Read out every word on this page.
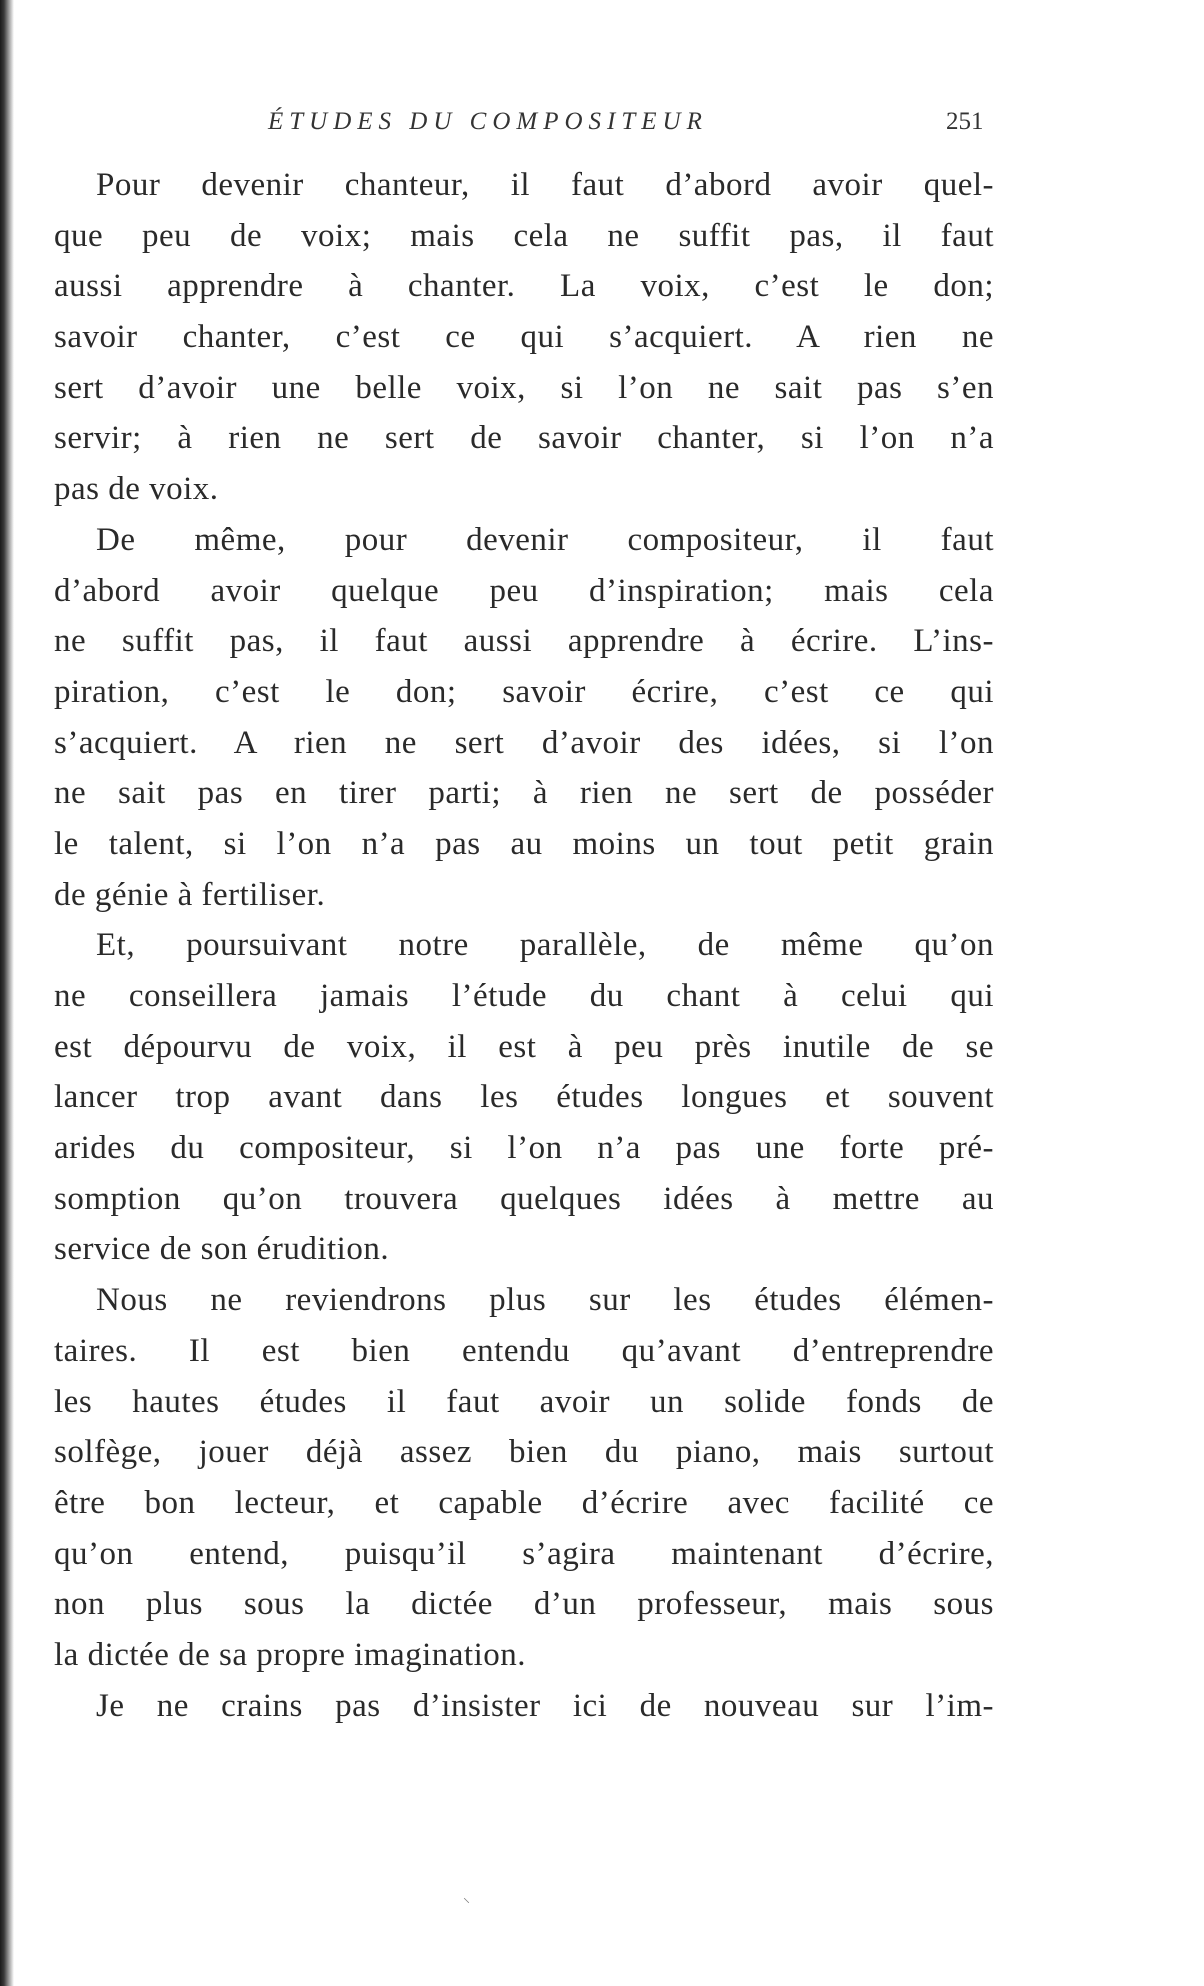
ÉTUDES DU COMPOSITEUR	251
Pour devenir chanteur, il faut d’abord avoir quel-
que peu de voix; mais cela ne suffit pas, il faut
aussi apprendre à chanter. La voix, c’est le don;
savoir chanter, c’est ce qui s’acquiert. A rien ne
sert d’avoir une belle voix, si l’on ne sait pas s’en
servir; à rien ne sert de savoir chanter, si l’on n’a
pas de voix.
De même, pour devenir compositeur, il faut
d’abord avoir quelque peu d’inspiration; mais cela
ne suffit pas, il faut aussi apprendre à écrire. L’ins-
piration, c’est le don; savoir écrire, c’est ce qui
s’acquiert. A rien ne sert d’avoir des idées, si l’on
ne sait pas en tirer parti; à rien ne sert de posséder
le talent, si l’on n’a pas au moins un tout petit grain
de génie à fertiliser.
Et, poursuivant notre parallèle, de même qu’on
ne conseillera jamais l’étude du chant à celui qui
est dépourvu de voix, il est à peu près inutile de se
lancer trop avant dans les études longues et souvent
arides du compositeur, si l’on n’a pas une forte pré-
somption qu’on trouvera quelques idées à mettre au
service de son érudition.
Nous ne reviendrons plus sur les études élémen-
taires. Il est bien entendu qu’avant d’entreprendre
les hautes études il faut avoir un solide fonds de
solfège, jouer déjà assez bien du piano, mais surtout
être bon lecteur, et capable d’écrire avec facilité ce
qu’on entend, puisqu’il s’agira maintenant d’écrire,
non plus sous la dictée d’un professeur, mais sous
la dictée de sa propre imagination.
Je ne crains pas d’insister ici de nouveau sur l’im-
⸜
